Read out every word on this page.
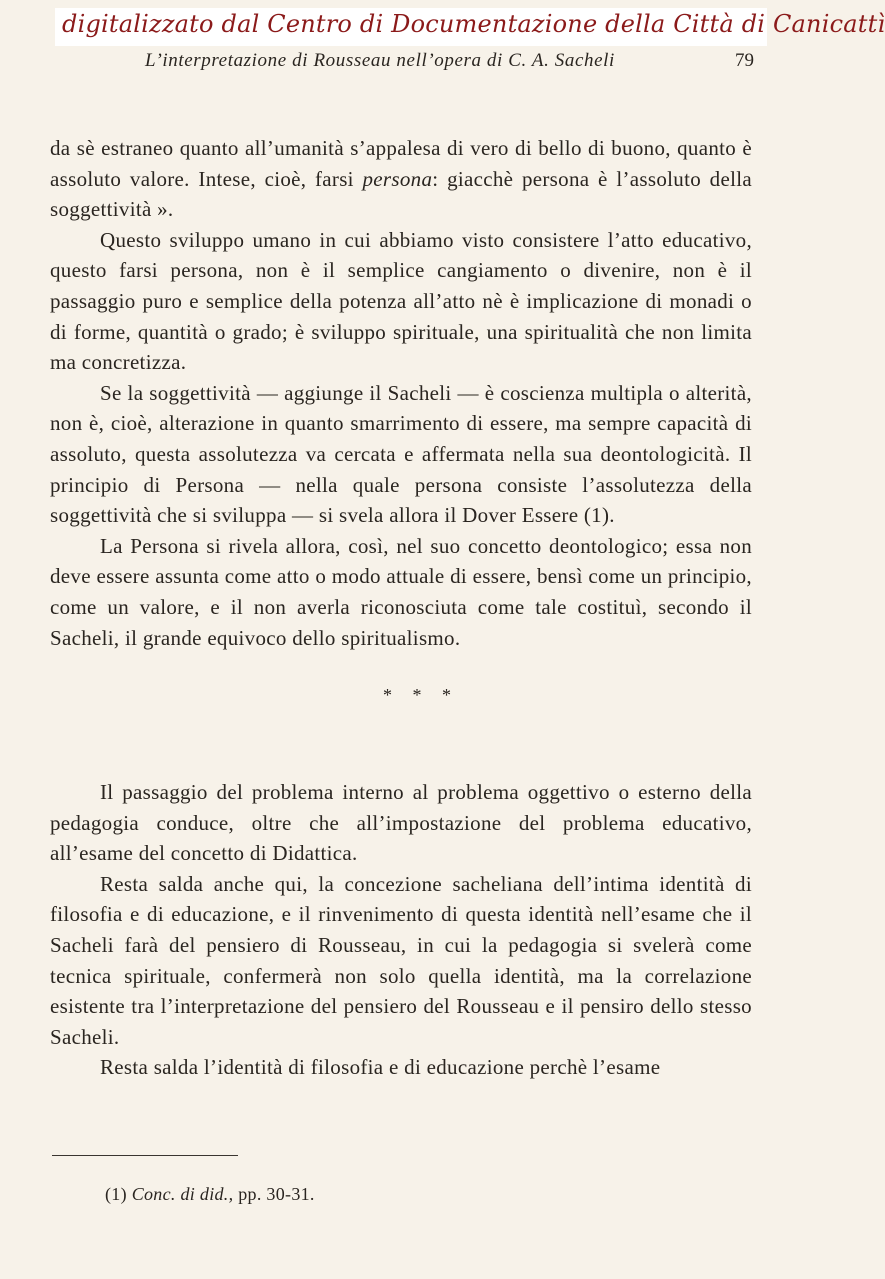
digitalizzato dal Centro di Documentazione della Città di Canicattì
L’interpretazione di Rousseau nell’opera di C. A. Sacheli	79

da sè estraneo quanto all’umanità s’appalesa di vero di bello di buono, quanto è assoluto valore. Intese, cioè, farsi persona: giacchè persona è l’assoluto della soggettività ».

Questo sviluppo umano in cui abbiamo visto consistere l’atto educativo, questo farsi persona, non è il semplice cangiamento o divenire, non è il passaggio puro e semplice della potenza all’atto nè è implicazione di monadi o di forme, quantità o grado; è sviluppo spirituale, una spiritualità che non limita ma concretizza.

Se la soggettività — aggiunge il Sacheli — è coscienza multipla o alterità, non è, cioè, alterazione in quanto smarrimento di essere, ma sempre capacità di assoluto, questa assolutezza va cercata e affermata nella sua deontologicità. Il principio di Persona — nella quale persona consiste l’assolutezza della soggettività che si sviluppa — si svela allora il Dover Essere (1).

La Persona si rivela allora, così, nel suo concetto deontologico; essa non deve essere assunta come atto o modo attuale di essere, bensì come un principio, come un valore, e il non averla riconosciuta come tale costituì, secondo il Sacheli, il grande equivoco dello spiritualismo.

* * *

Il passaggio del problema interno al problema oggettivo o esterno della pedagogia conduce, oltre che all’impostazione del problema educativo, all’esame del concetto di Didattica.

Resta salda anche qui, la concezione sacheliana dell’intima identità di filosofia e di educazione, e il rinvenimento di questa identità nell’esame che il Sacheli farà del pensiero di Rousseau, in cui la pedagogia si svelerà come tecnica spirituale, confermerà non solo quella identità, ma la correlazione esistente tra l’interpretazione del pensiero del Rousseau e il pensiro dello stesso Sacheli.

Resta salda l’identità di filosofia e di educazione perchè l’esame

(1) Conc. di did., pp. 30-31.
